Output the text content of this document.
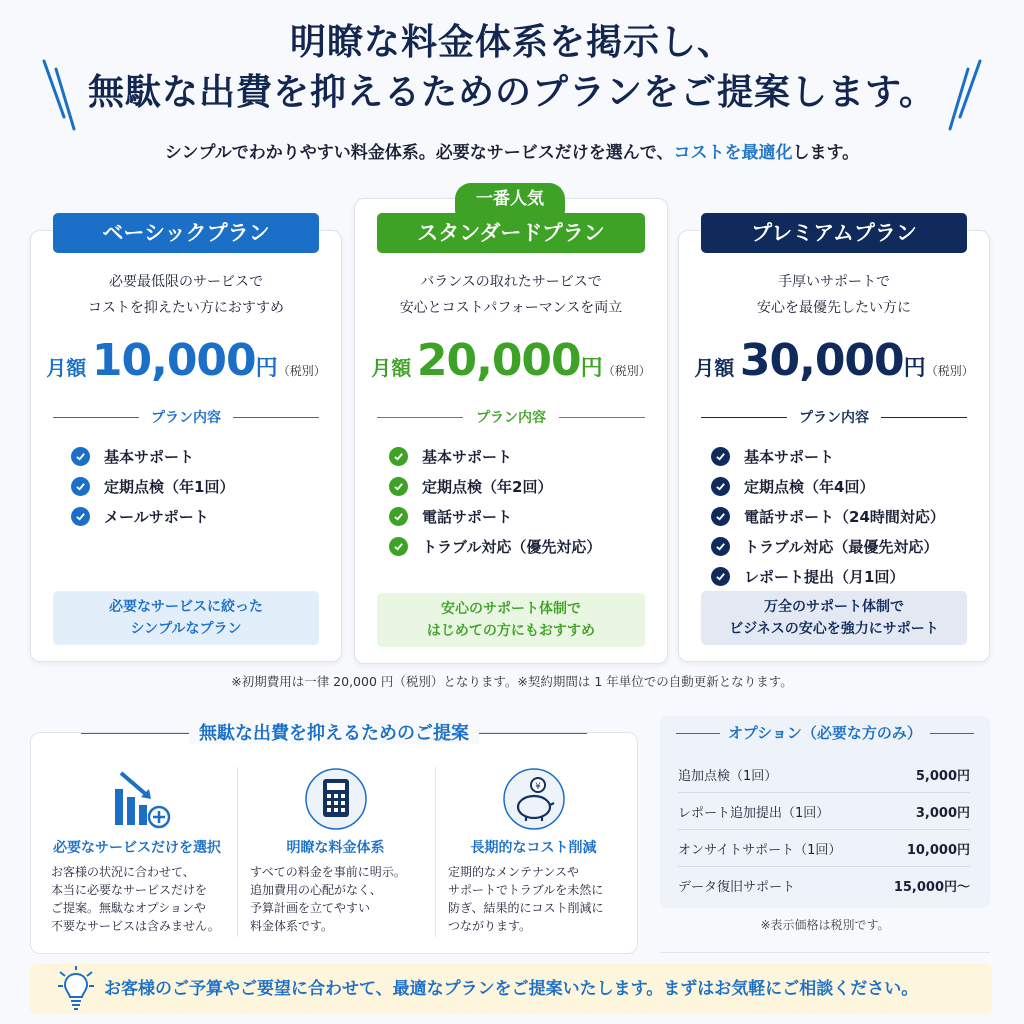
明瞭な料金体系を掲示し、
無駄な出費を抑えるためのプランをご提案します。

シンプルでわかりやすい料金体系。必要なサービスだけを選んで、コストを最適化します。

ベーシックプラン
必要最低限のサービスで
コストを抑えたい方におすすめ
月額 10,000円（税別）
プラン内容
基本サポート
定期点検（年1回）
メールサポート
必要なサービスに絞った
シンプルなプラン
一番人気
スタンダードプラン
バランスの取れたサービスで
安心とコストパフォーマンスを両立
月額 20,000円（税別）
プラン内容
基本サポート
定期点検（年2回）
電話サポート
トラブル対応（優先対応）
安心のサポート体制で
はじめての方にもおすすめ
プレミアムプラン
手厚いサポートで
安心を最優先したい方に
月額 30,000円（税別）
プラン内容
基本サポート
定期点検（年4回）
電話サポート（24時間対応）
トラブル対応（最優先対応）
レポート提出（月1回）
万全のサポート体制で
ビジネスの安心を強力にサポート

※初期費用は一律 20,000 円（税別）となります。※契約期間は 1 年単位での自動更新となります。

無駄な出費を抑えるためのご提案
必要なサービスだけを選択
お客様の状況に合わせて、
本当に必要なサービスだけを
ご提案。無駄なオプションや
不要なサービスは含みません。
明瞭な料金体系
すべての料金を事前に明示。
追加費用の心配がなく、
予算計画を立てやすい
料金体系です。
¥
長期的なコスト削減
定期的なメンテナンスや
サポートでトラブルを未然に
防ぎ、結果的にコスト削減に
つながります。
オプション（必要な方のみ）
追加点検（1回）	5,000円
レポート追加提出（1回）	3,000円
オンサイトサポート（1回）	10,000円
データ復旧サポート	15,000円〜

※表示価格は税別です。

お客様のご予算やご要望に合わせて、最適なプランをご提案いたします。まずはお気軽にご相談ください。
